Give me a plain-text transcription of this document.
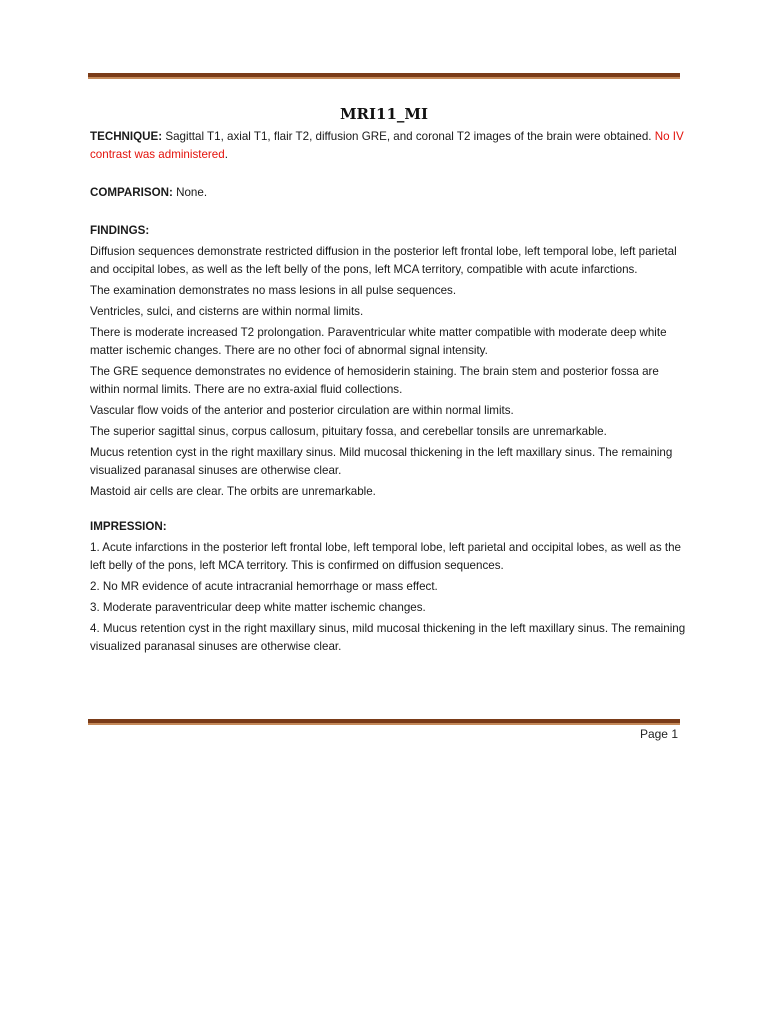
MRI11_MI

TECHNIQUE: Sagittal T1, axial T1, flair T2, diffusion GRE, and coronal T2 images of the brain were obtained. No IV contrast was administered.

COMPARISON: None.

FINDINGS:

Diffusion sequences demonstrate restricted diffusion in the posterior left frontal lobe, left temporal lobe, left parietal and occipital lobes, as well as the left belly of the pons, left MCA territory, compatible with acute infarctions.

The examination demonstrates no mass lesions in all pulse sequences.

Ventricles, sulci, and cisterns are within normal limits.

There is moderate increased T2 prolongation. Paraventricular white matter compatible with moderate deep white matter ischemic changes. There are no other foci of abnormal signal intensity.

The GRE sequence demonstrates no evidence of hemosiderin staining. The brain stem and posterior fossa are within normal limits. There are no extra-axial fluid collections.

Vascular flow voids of the anterior and posterior circulation are within normal limits.

The superior sagittal sinus, corpus callosum, pituitary fossa, and cerebellar tonsils are unremarkable.

Mucus retention cyst in the right maxillary sinus. Mild mucosal thickening in the left maxillary sinus. The remaining visualized paranasal sinuses are otherwise clear.

Mastoid air cells are clear. The orbits are unremarkable.

IMPRESSION:

1. Acute infarctions in the posterior left frontal lobe, left temporal lobe, left parietal and occipital lobes, as well as the left belly of the pons, left MCA territory. This is confirmed on diffusion sequences.

2. No MR evidence of acute intracranial hemorrhage or mass effect.

3. Moderate paraventricular deep white matter ischemic changes.

4. Mucus retention cyst in the right maxillary sinus, mild mucosal thickening in the left maxillary sinus. The remaining visualized paranasal sinuses are otherwise clear.

Page 1
